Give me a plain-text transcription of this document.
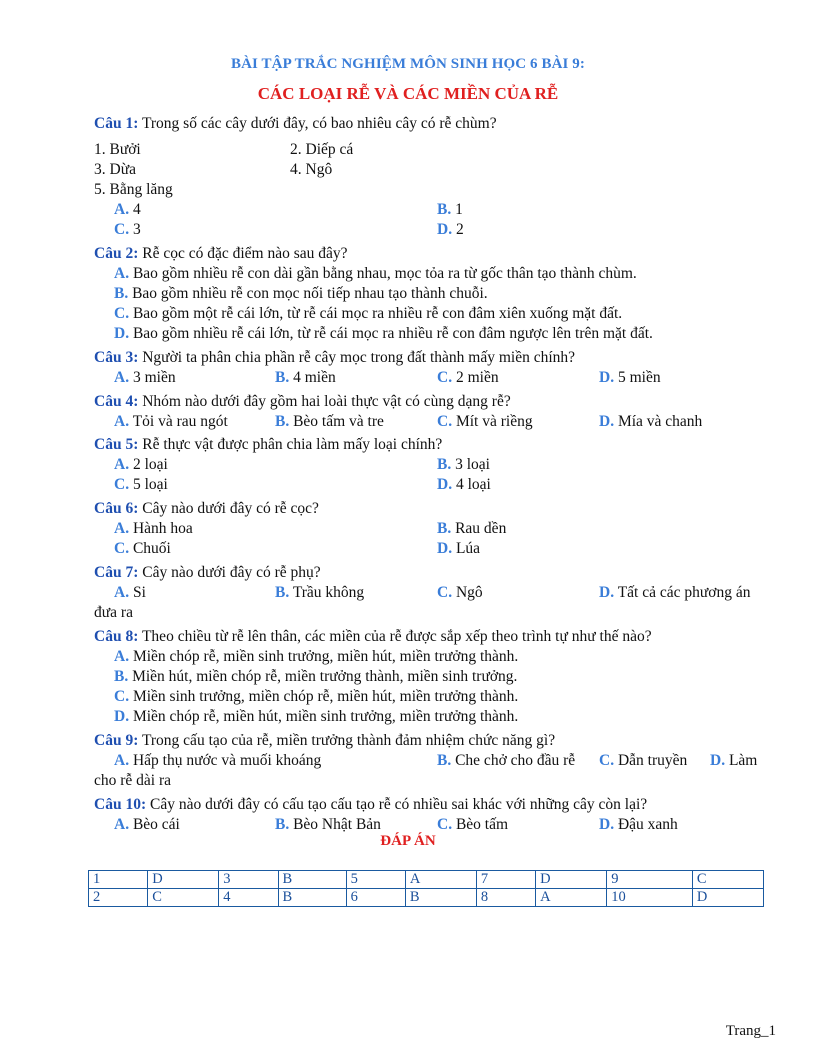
BÀI TẬP TRẮC NGHIỆM MÔN SINH HỌC 6 BÀI 9:
CÁC LOẠI RỄ VÀ CÁC MIỀN CỦA RỄ
Câu 1: Trong số các cây dưới đây, có bao nhiêu cây có rễ chùm?
1. Bưởi	2. Diếp cá
3. Dừa	4. Ngô
5. Bằng lăng
A. 4	B. 1
C. 3	D. 2
Câu 2: Rễ cọc có đặc điểm nào sau đây?
A. Bao gồm nhiều rễ con dài gần bằng nhau, mọc tỏa ra từ gốc thân tạo thành chùm.
B. Bao gồm nhiều rễ con mọc nối tiếp nhau tạo thành chuỗi.
C. Bao gồm một rễ cái lớn, từ rễ cái mọc ra nhiều rễ con đâm xiên xuống mặt đất.
D. Bao gồm nhiều rễ cái lớn, từ rễ cái mọc ra nhiều rễ con đâm ngược lên trên mặt đất.
Câu 3: Người ta phân chia phần rễ cây mọc trong đất thành mấy miền chính?
A. 3 miền	B. 4 miền	C. 2 miền	D. 5 miền
Câu 4: Nhóm nào dưới đây gồm hai loài thực vật có cùng dạng rễ?
A. Tỏi và rau ngót	B. Bèo tấm và tre	C. Mít và riềng	D. Mía và chanh
Câu 5: Rễ thực vật được phân chia làm mấy loại chính?
A. 2 loại	B. 3 loại
C. 5 loại	D. 4 loại
Câu 6: Cây nào dưới đây có rễ cọc?
A. Hành hoa	B. Rau dền
C. Chuối	D. Lúa
Câu 7: Cây nào dưới đây có rễ phụ?
A. Si	B. Trầu không	C. Ngô	D. Tất cả các phương án
đưa ra
Câu 8: Theo chiều từ rễ lên thân, các miền của rễ được sắp xếp theo trình tự như thế nào?
A. Miền chóp rễ, miền sinh trưởng, miền hút, miền trưởng thành.
B. Miền hút, miền chóp rễ, miền trưởng thành, miền sinh trưởng.
C. Miền sinh trưởng, miền chóp rễ, miền hút, miền trưởng thành.
D. Miền chóp rễ, miền hút, miền sinh trưởng, miền trưởng thành.
Câu 9: Trong cấu tạo của rễ, miền trưởng thành đảm nhiệm chức năng gì?
A. Hấp thụ nước và muối khoáng	B. Che chở cho đầu rễ C. Dẫn truyền D. Làm
cho rễ dài ra
Câu 10: Cây nào dưới đây có cấu tạo cấu tạo rễ có nhiều sai khác với những cây còn lại?
A. Bèo cái	B. Bèo Nhật Bản	C. Bèo tấm	D. Đậu xanh
ĐÁP ÁN
1	D	3	B	5	A	7	D	9	C
2	C	4	B	6	B	8	A	10	D
Trang_1
